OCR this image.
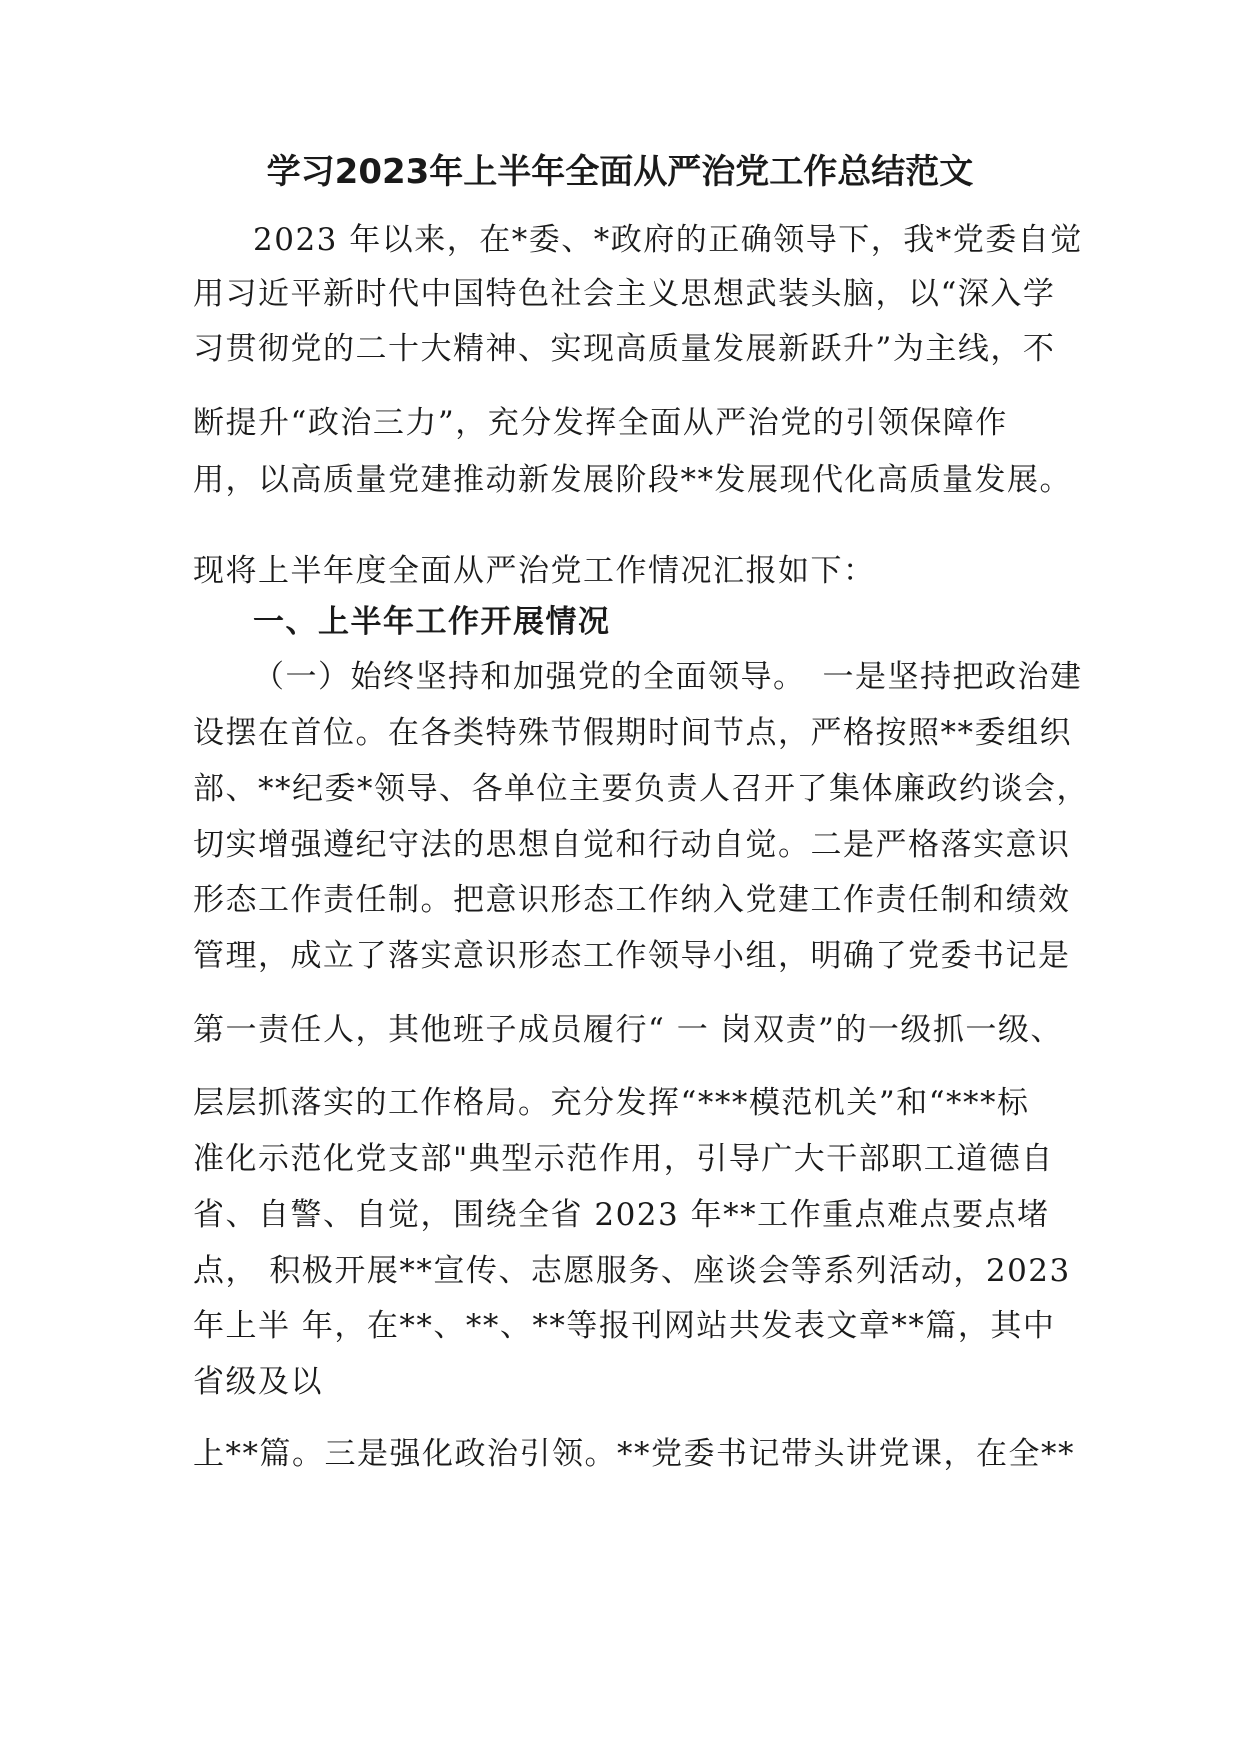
学习2023年上半年全面从严治党工作总结范文
2023 年以来，在*委、*政府的正确领导下，我*党委自觉
用习近平新时代中国特色社会主义思想武装头脑，以“深入学
习贯彻党的二十大精神、实现高质量发展新跃升”为主线，不
断提升“政治三力”，充分发挥全面从严治党的引领保障作
用，以高质量党建推动新发展阶段**发展现代化高质量发展。
现将上半年度全面从严治党工作情况汇报如下：
一、上半年工作开展情况
（一）始终坚持和加强党的全面领导。　一是坚持把政治建
设摆在首位。在各类特殊节假期时间节点，严格按照**委组织
部、**纪委*领导、各单位主要负责人召开了集体廉政约谈会，
切实增强遵纪守法的思想自觉和行动自觉。二是严格落实意识
形态工作责任制。把意识形态工作纳入党建工作责任制和绩效
管理，成立了落实意识形态工作领导小组，明确了党委书记是
第一责任人，其他班子成员履行“ 一 岗双责”的一级抓一级、
层层抓落实的工作格局。充分发挥“***模范机关”和“***标
准化示范化党支部"典型示范作用，引导广大干部职工道德自
省、自警、自觉，围绕全省 2023 年**工作重点难点要点堵
点， 积极开展**宣传、志愿服务、座谈会等系列活动，2023
年上半 年，在**、**、**等报刊网站共发表文章**篇，其中
省级及以
上**篇。三是强化政治引领。**党委书记带头讲党课，在全**
